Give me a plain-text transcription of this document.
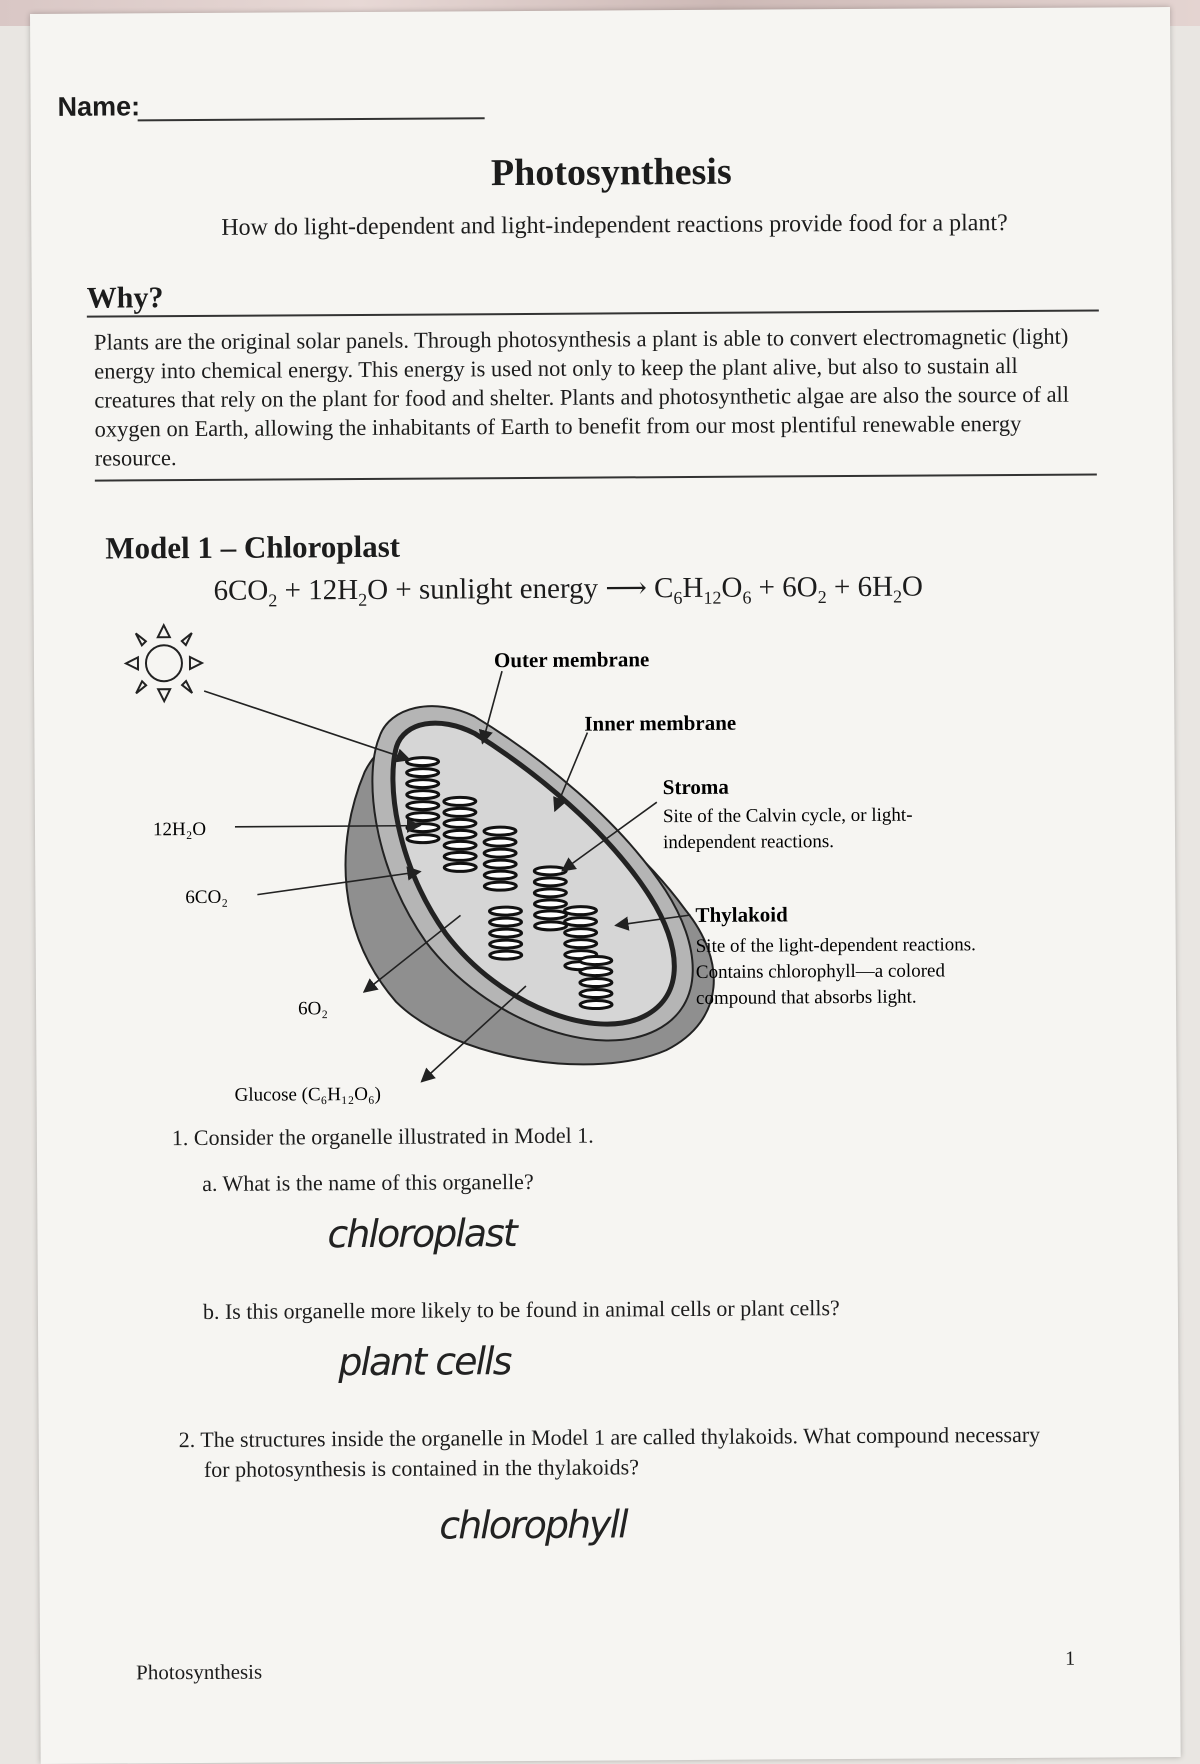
Name:
Photosynthesis
How do light-dependent and light-independent reactions provide food for a plant?
Why?
Plants are the original solar panels. Through photosynthesis a plant is able to convert electromagnetic (light) energy into chemical energy. This energy is used not only to keep the plant alive, but also to sustain all creatures that rely on the plant for food and shelter. Plants and photosynthetic algae are also the source of all oxygen on Earth, allowing the inhabitants of Earth to benefit from our most plentiful renewable energy resource.
Model 1 – Chloroplast
$6CO_2 + 12H_2O$ + sunlight energy ⟶ $C_6H_{12}O_6 + 6O_2 + 6H_2O$
Outer membrane
Inner membrane
Stroma
Site of the Calvin cycle, or light-
independent reactions.
Thylakoid
Site of the light-dependent reactions.
Contains chlorophyll—a colored
compound that absorbs light.
12H₂O
6CO₂
6O₂
Glucose (C₆H₁₂O₆)
1. Consider the organelle illustrated in Model 1.
a. What is the name of this organelle?
chloroplast
b. Is this organelle more likely to be found in animal cells or plant cells?
plant cells
2. The structures inside the organelle in Model 1 are called thylakoids. What compound necessary
for photosynthesis is contained in the thylakoids?
chlorophyll
Photosynthesis
1
